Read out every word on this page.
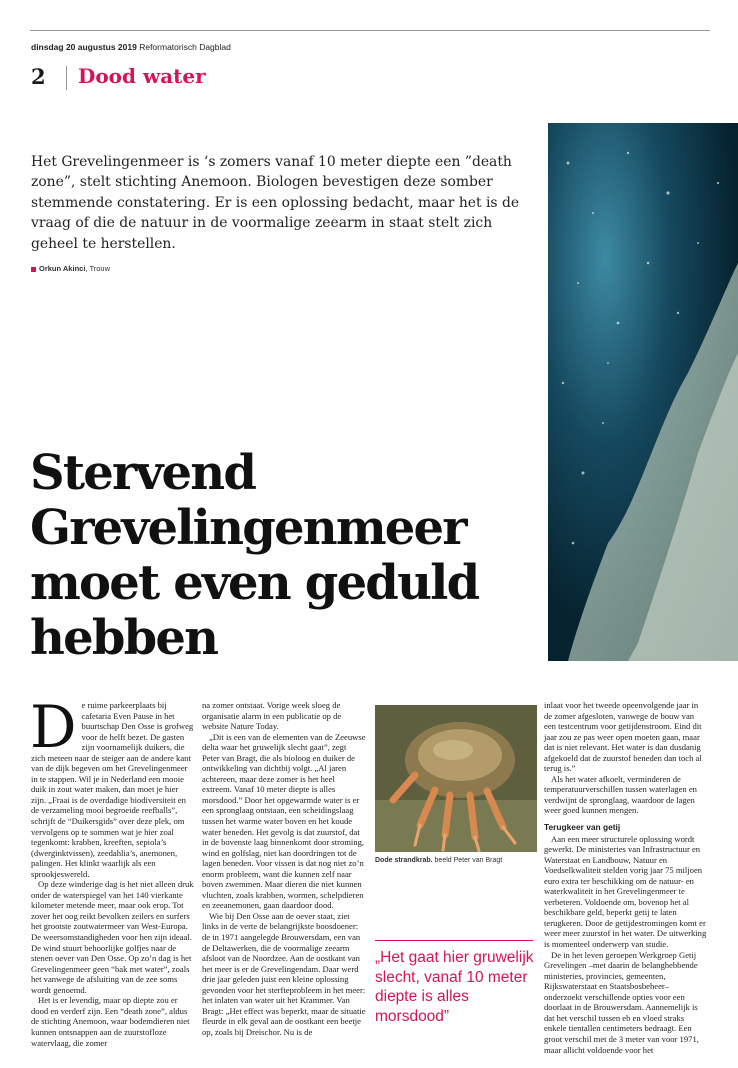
dinsdag 20 augustus 2019 Reformatorisch Dagblad
2 Dood water
Het Grevelingenmeer is ‘s zomers vanaf 10 meter diepte een ”death zone”, stelt stichting Anemoon. Biologen bevestigen deze somber stemmende constatering. Er is een oplossing bedacht, maar het is de vraag of die de natuur in de voormalige zeearm in staat stelt zich geheel te herstellen.
Orkun Akinci, Trouw
Stervend Grevelingenmeer moet even geduld hebben

De ruime parkeerplaats bij cafetaria Even Pause in het buurtschap Den Osse is grofweg voor de helft bezet. De gasten zijn voornamelijk duikers, die zich meteen naar de steiger aan de andere kant van de dijk begeven om het Grevelingenmeer in te stappen. Wil je in Nederland een mooie duik in zout water maken, dan moet je hier zijn. „Fraai is de overdadige biodiversiteit en de verzameling mooi begroeide reefballs”, schrijft de “Duikersgids” over deze plek, om vervolgens op te sommen wat je hier zoal tegenkomt: krabben, kreeften, sepiola’s (dwerginktvissen), zeedahlia’s, anemonen, palingen. Het klinkt waarlijk als een sprookjeswereld.

Op deze winderige dag is het niet alleen druk onder de waterspiegel van het 140 vierkante kilometer metende meer, maar ook erop. Tot zover het oog reikt bevolken zeilers en surfers het grootste zoutwatermeer van West-Europa. De weersomstandigheden voor hen zijn ideaal. De wind stuurt behoorlijke golfjes naar de stenen oever van Den Osse. Op zo’n dag is het Grevelingenmeer geen “bak met water”, zoals het vanwege de afsluiting van de zee soms wordt genoemd.

Het is er levendig, maar op diepte zou er dood en verderf zijn. Een “death zone”, aldus de stichting Anemoon, waar bodemdieren niet kunnen ontsnappen aan de zuurstofloze watervlaag, die zomer

na zomer ontstaat. Vorige week sloeg de organisatie alarm in een publicatie op de website Nature Today.

„Dit is een van de elementen van de Zeeuwse delta waar het gruwelijk slecht gaat”, zegt Peter van Bragt, die als bioloog en duiker de ontwikkeling van dichtbij volgt. „Al jaren achtereen, maar deze zomer is het heel extreem. Vanaf 10 meter diepte is alles morsdood.” Door het opgewarmde water is er een spronglaag ontstaan, een scheidingslaag tussen het warme water boven en het koude water beneden. Het gevolg is dat zuurstof, dat in de bovenste laag binnenkomt door stroming, wind en golfslag, niet kan doordringen tot de lagen beneden. Voor vissen is dat nog niet zo’n enorm probleem, want die kunnen zelf naar boven zwemmen. Maar dieren die niet kunnen vluchten, zoals krabben, wormen, schelpdieren en zeeanemonen, gaan daardoor dood.

Wie bij Den Osse aan de oever staat, ziet links in de verte de belangrijkste boosdoener: de in 1971 aangelegde Brouwersdam, een van de Deltawerken, die de voormalige zeearm afsloot van de Noordzee. Aan de oostkant van het meer is er de Grevelingendam. Daar werd drie jaar geleden juist een kleine oplossing gevonden voor het sterfteprobleem in het meer: het inlaten van water uit het Krammer. Van Bragt: „Het effect was beperkt, maar de situatie fleurde in elk geval aan de oostkant een beetje op, zoals bij Dreischor. Nu is de

Dode strandkrab. beeld Peter van Bragt
„Het gaat hier gruwelijk slecht, vanaf 10 meter diepte is alles morsdood”

inlaat voor het tweede opeenvolgende jaar in de zomer afgesloten, vanwege de bouw van een testcentrum voor getijdenstroom. Eind dit jaar zou ze pas weer open moeten gaan, maar dat is niet relevant. Het water is dan dusdanig afgekoeld dat de zuurstof beneden dan toch al terug is.”

Als het water afkoelt, verminderen de temperatuurverschillen tussen waterlagen en verdwijnt de spronglaag, waardoor de lagen weer goed kunnen mengen.

Terugkeer van getij

Aan een meer structurele oplossing wordt gewerkt. De ministeries van Infrastructuur en Waterstaat en Landbouw, Natuur en Voedselkwaliteit stelden vorig jaar 75 miljoen euro extra ter beschikking om de natuur- en waterkwaliteit in het Grevelingenmeer te verbeteren. Voldoende om, bovenop het al beschikbare geld, beperkt getij te laten terugkeren. Door de getijdestromingen komt er weer meer zuurstof in het water. De uitwerking is momenteel onderwerp van studie.

De in het leven geroepen Werkgroep Getij Grevelingen –met daarin de belanghebbende ministeries, provincies, gemeenten, Rijkswaterstaat en Staatsbosbeheer– onderzoekt verschillende opties voor een doorlaat in de Brouwersdam. Aannemelijk is dat het verschil tussen eb en vloed straks enkele tientallen centimeters bedraagt. Een groot verschil met de 3 meter van voor 1971, maar allicht voldoende voor het
